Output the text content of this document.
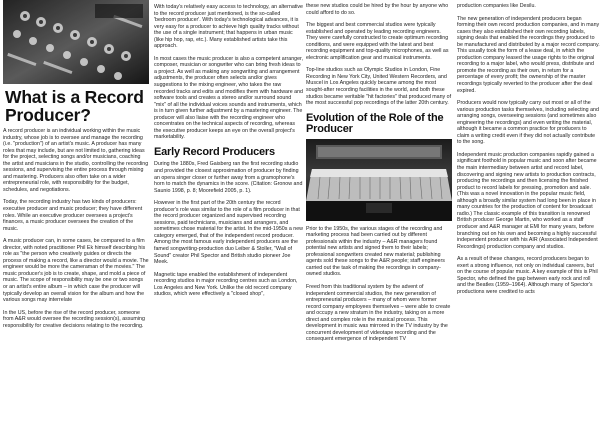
What is a Record Producer?

A record producer is an individual working within the music industry, whose job is to oversee and manage the recording (i.e. "production") of an artist's music. A producer has many roles that may include, but are not limited to, gathering ideas for the project, selecting songs and/or musicians, coaching the artist and musicians in the studio, controlling the recording sessions, and supervising the entire process through mixing and mastering. Producers also often take on a wider entrepreneurial role, with responsibility for the budget, schedules, and negotiations.

Today, the recording industry has two kinds of producers: executive producer and music producer; they have different roles. While an executive producer oversees a project's finances, a music producer oversees the creation of the music.

A music producer can, in some cases, be compared to a film director, with noted practitioner Phil Ek himself describing his role as "the person who creatively guides or directs the process of making a record, like a director would a movie. The engineer would be more the cameraman of the movies." The music producer's job is to create, shape, and mold a piece of music. The scope of responsibility may be one or two songs or an artist's entire album – in which case the producer will typically develop an overall vision for the album and how the various songs may interrelate

In the US, before the rise of the record producer, someone from A&R would oversee the recording session(s), assuming responsibility for creative decisions relating to the recording.

With today's relatively easy access to technology, an alternative to the record producer just mentioned, is the so-called 'bedroom producer'. With today's technological advances, it is very easy for a producer to achieve high quality tracks without the use of a single instrument; that happens in urban music (like hip hop, rap, etc.). Many established artists take this approach.

In most cases the music producer is also a competent arranger, composer, musician or songwriter who can bring fresh ideas to a project. As well as making any songwriting and arrangement adjustments, the producer often selects and/or gives suggestions to the mixing engineer, who takes the raw recorded tracks and edits and modifies them with hardware and software tools and creates a stereo and/or surround sound "mix" of all the individual voices sounds and instruments, which is in turn given further adjustment by a mastering engineer. The producer will also liaise with the recording engineer who concentrates on the technical aspects of recording, whereas the executive producer keeps an eye on the overall project's marketability.

Early Record Producers

During the 1880s, Fred Gaisberg ran the first recording studio and provided the closest approximation of producer by finding an opera singer closer or further away from a gramophone's horn to match the dynamics in the score. (Citation: Gronow and Saunio 1998, p. 8; Moorefield 2005, p. 1).

However in the first part of the 20th century the record producer's role was similar to the role of a film producer in that the record producer organized and supervised recording sessions, paid technicians, musicians and arrangers, and sometimes chose material for the artist. In the mid-1950s a new category emerged, that of the independent record producer. Among the most famous early independent producers are the famed songwriting-production duo Leiber & Stoller, "Wall of Sound" creator Phil Spector and British studio pioneer Joe Meek.

Magnetic tape enabled the establishment of independent recording studios in major recording centres such as London, Los Angeles and New York. Unlike the old record company studios, which were effectively a "closed shop",

these new studios could be hired by the hour by anyone who could afford to do so.

The biggest and best commercial studios were typically established and operated by leading recording engineers. They were carefully constructed to create optimum recording conditions, and were equipped with the latest and best recording equipment and top-quality microphones, as well as electronic amplification gear and musical instruments.

Top-line studios such as Olympic Studios in London, Fine Recording in New York City, United Western Recorders, and Muscel in Los Angeles quickly became among the most sought-after recording facilities in the world, and both these studios became veritable "hit factories" that produced many of the most successful pop recordings of the latter 20th century.

Evolution of the Role of the Producer

Prior to the 1950s, the various stages of the recording and marketing process had been carried out by different professionals within the industry – A&R managers found potential new artists and signed them to their labels; professional songwriters created new material; publishing agents sold these songs to the A&R people; staff engineers carried out the task of making the recordings in company-owned studios.

Freed from this traditional system by the advent of independent commercial studios, the new generation of entrepreneurial producers – many of whom were former record company employees themselves – were able to create and occupy a new stratum in the industry, taking on a more direct and complex role in the musical process. This development in music was mirrored in the TV industry by the concurrent development of videotape recording and the consequent emergence of independent TV

production companies like Desilu.

The new generation of independent producers began forming their own record production companies, and in many cases they also established their own recording labels, signing deals that enabled the recordings they produced to be manufactured and distributed by a major record company. This usually took the form of a lease deal, in which the production company leased the usage rights to the original recording to a major label, who would press, distribute and promote the recording as their own, in return for a percentage of every profit; the ownership of the master recordings typically reverted to the producer after the deal expired.

Producers would now typically carry out most or all of the various production tasks themselves, including selecting and arranging songs, overseeing sessions (and sometimes also engineering the recordings) and even writing the material, although it became a common practice for producers to claim a writing credit even if they did not actually contribute to the song.

Independent music production companies rapidly gained a significant foothold in popular music and soon after became the main intermediary between artist and record label, discovering and signing new artists to production contracts, producing the recordings and then licensing the finished product to record labels for pressing, promotion and sale. (This was a novel innovation in the popular music field, although a broadly similar system had long been in place in many countries for the production of content for broadcast radio.) The classic example of this transition is renowned British producer George Martin, who worked as a staff producer and A&R manager at EMI for many years, before branching out on his own and becoming a highly successful independent producer with his AIR (Associated Independent Recordings) production company and studios.

As a result of these changes, record producers began to exert a strong influence, not only on individual careers, but on the course of popular music. A key example of this is Phil Spector, who defined the gap between early rock and roll and the Beatles (1959–1964). Although many of Spector's productions were credited to acts
